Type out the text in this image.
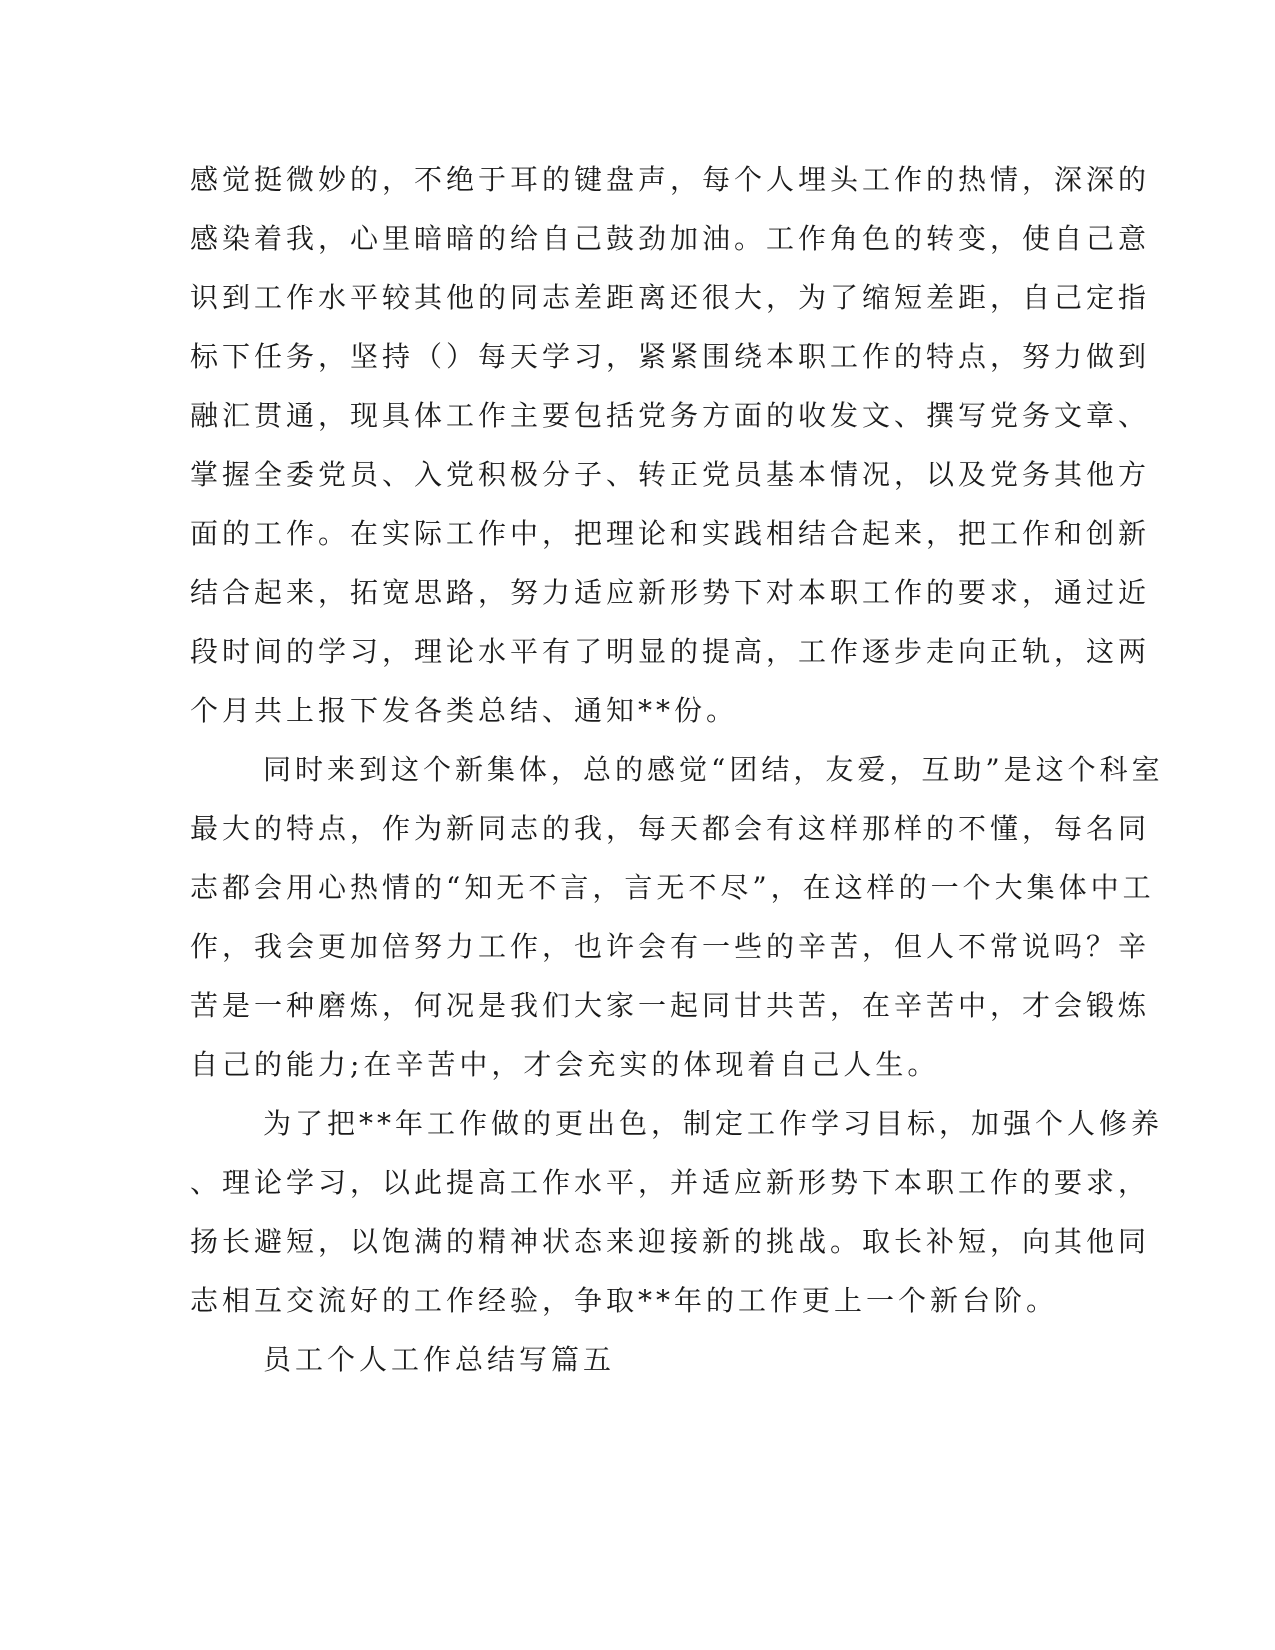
感觉挺微妙的，不绝于耳的键盘声，每个人埋头工作的热情，深深的
感染着我，心里暗暗的给自己鼓劲加油。工作角色的转变，使自己意
识到工作水平较其他的同志差距离还很大，为了缩短差距，自己定指
标下任务，坚持（）每天学习，紧紧围绕本职工作的特点，努力做到
融汇贯通，现具体工作主要包括党务方面的收发文、撰写党务文章、
掌握全委党员、入党积极分子、转正党员基本情况，以及党务其他方
面的工作。在实际工作中，把理论和实践相结合起来，把工作和创新
结合起来，拓宽思路，努力适应新形势下对本职工作的要求，通过近
段时间的学习，理论水平有了明显的提高，工作逐步走向正轨，这两
个月共上报下发各类总结、通知**份。
同时来到这个新集体，总的感觉“团结，友爱，互助”是这个科室
最大的特点，作为新同志的我，每天都会有这样那样的不懂，每名同
志都会用心热情的“知无不言，言无不尽”，在这样的一个大集体中工
作，我会更加倍努力工作，也许会有一些的辛苦，但人不常说吗？辛
苦是一种磨炼，何况是我们大家一起同甘共苦，在辛苦中，才会锻炼
自己的能力;在辛苦中，才会充实的体现着自己人生。
为了把**年工作做的更出色，制定工作学习目标，加强个人修养
、理论学习，以此提高工作水平，并适应新形势下本职工作的要求，
扬长避短，以饱满的精神状态来迎接新的挑战。取长补短，向其他同
志相互交流好的工作经验，争取**年的工作更上一个新台阶。
员工个人工作总结写篇五
